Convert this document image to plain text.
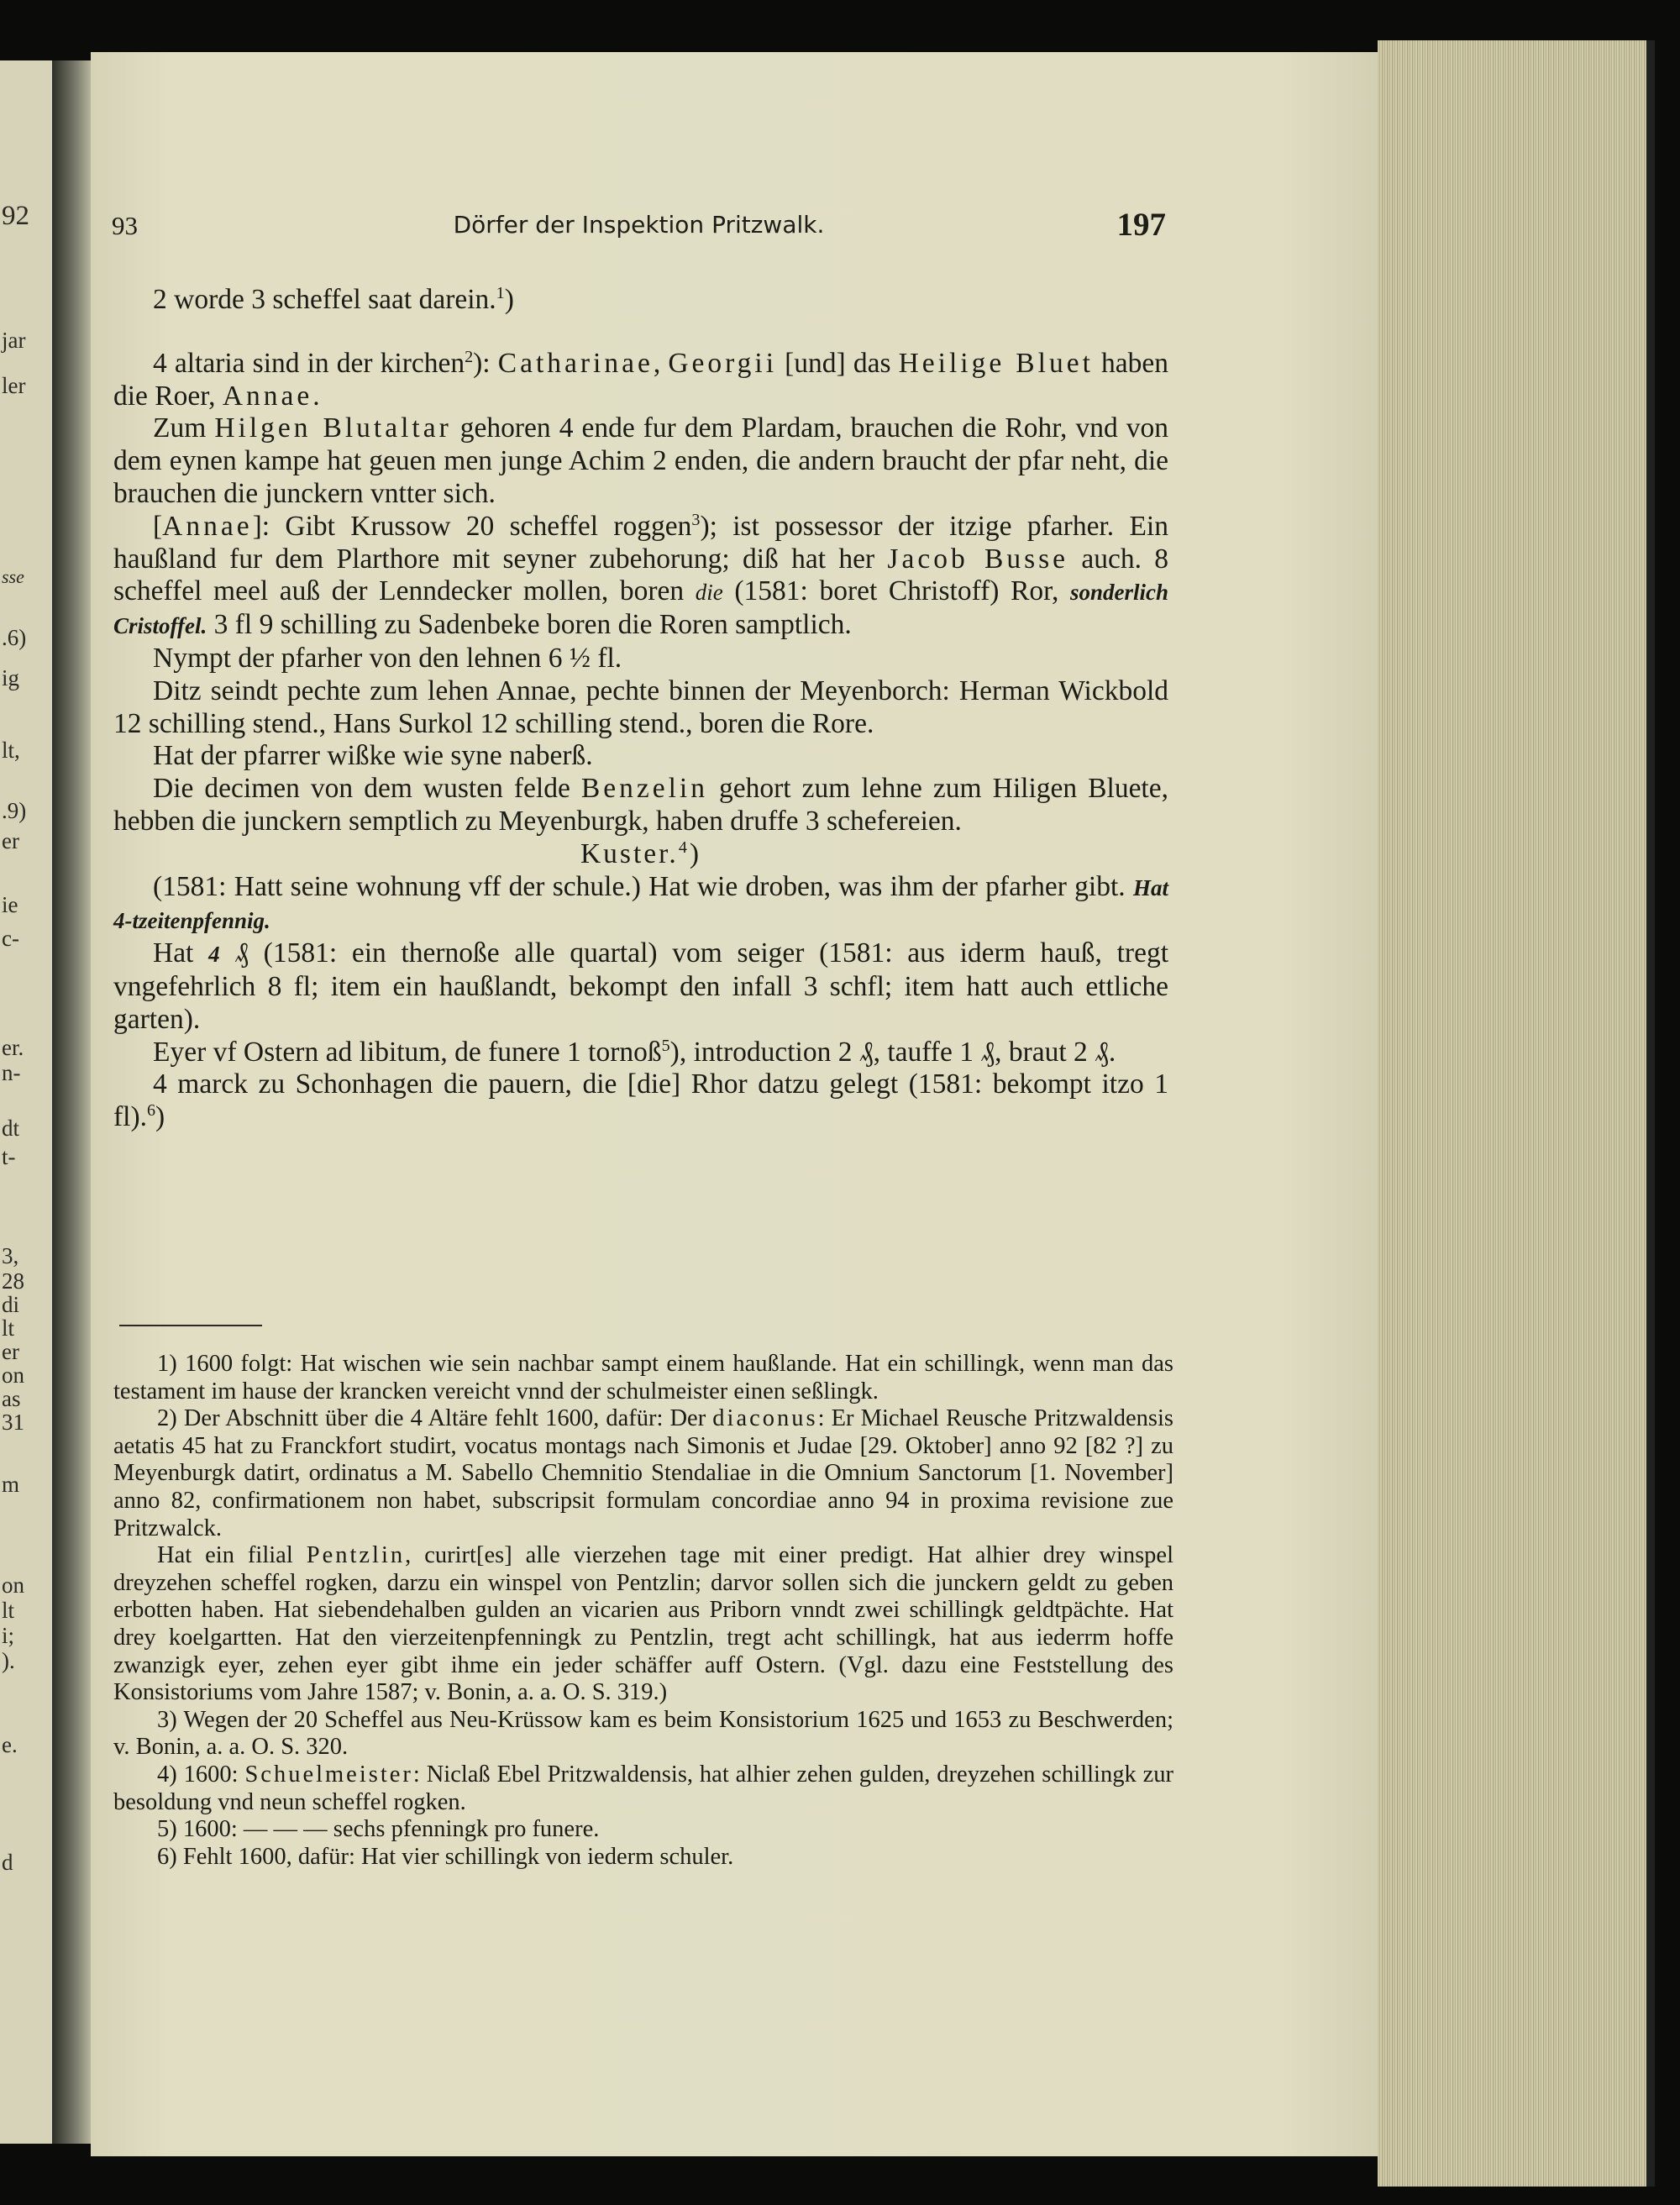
92
jar
ler
sse
.6)
ig
lt,
.9)
er
ie
c-
er.
n-
dt
t-
3,
28
di
lt
er
on
as
31
m
on
lt
i;
).
e.
d
93	Dörfer der Inspektion Pritzwalk.	197

2 worde 3 scheffel saat darein.$^1$)

4 altaria sind in der kirchen$^2$): Catharinae, Georgii [und] das Heilige Bluet haben die Roer, Annae.

Zum Hilgen Blutaltar gehoren 4 ende fur dem Plardam, brauchen die Rohr, vnd von dem eynen kampe hat geuen men junge Achim 2 enden, die andern braucht der pfar neht, die brauchen die junckern vntter sich.

[Annae]: Gibt Krussow 20 scheffel roggen$^3$); ist possessor der itzige pfarher. Ein haußland fur dem Plarthore mit seyner zubehorung; diß hat her Jacob Busse auch. 8 scheffel meel auß der Lenndecker mollen, boren die (1581: boret Christoff) Ror, sonderlich Cristoffel. 3 fl 9 schilling zu Sadenbeke boren die Roren samptlich.

Nympt der pfarher von den lehnen 6 ½ fl.

Ditz seindt pechte zum lehen Annae, pechte binnen der Meyenborch: Herman Wickbold 12 schilling stend., Hans Surkol 12 schilling stend., boren die Rore.

Hat der pfarrer wißke wie syne naberß.

Die decimen von dem wusten felde Benzelin gehort zum lehne zum Hiligen Bluete, hebben die junckern semptlich zu Meyenburgk, haben druffe 3 schefereien.

Kuster.$^4$)

(1581: Hatt seine wohnung vff der schule.) Hat wie droben, was ihm der pfarher gibt. Hat 4-tzeitenpfennig.

Hat 4 ₰ (1581: ein thernoße alle quartal) vom seiger (1581: aus iderm hauß, tregt vngefehrlich 8 fl; item ein haußlandt, bekompt den infall 3 schfl; item hatt auch ettliche garten).

Eyer vf Ostern ad libitum, de funere 1 tornoß$^5$), introduction 2 ₰, tauffe 1 ₰, braut 2 ₰.

4 marck zu Schonhagen die pauern, die [die] Rhor datzu gelegt (1581: bekompt itzo 1 fl).$^6$)

1) 1600 folgt: Hat wischen wie sein nachbar sampt einem haußlande. Hat ein schillingk, wenn man das testament im hause der krancken vereicht vnnd der schulmeister einen seßlingk.

2) Der Abschnitt über die 4 Altäre fehlt 1600, dafür: Der diaconus: Er Michael Reusche Pritzwaldensis aetatis 45 hat zu Franckfort studirt, vocatus montags nach Simonis et Judae [29. Oktober] anno 92 [82 ?] zu Meyenburgk datirt, ordinatus a M. Sabello Chemnitio Stendaliae in die Omnium Sanctorum [1. November] anno 82, confirmationem non habet, subscripsit formulam concordiae anno 94 in proxima revisione zue Pritzwalck.

Hat ein filial Pentzlin, curirt[es] alle vierzehen tage mit einer predigt. Hat alhier drey winspel dreyzehen scheffel rogken, darzu ein winspel von Pentzlin; darvor sollen sich die junckern geldt zu geben erbotten haben. Hat siebendehalben gulden an vicarien aus Priborn vnndt zwei schillingk geldtpächte. Hat drey koelgartten. Hat den vierzeitenpfenningk zu Pentzlin, tregt acht schillingk, hat aus iederrm hoffe zwanzigk eyer, zehen eyer gibt ihme ein jeder schäffer auff Ostern. (Vgl. dazu eine Feststellung des Konsistoriums vom Jahre 1587; v. Bonin, a. a. O. S. 319.)

3) Wegen der 20 Scheffel aus Neu-Krüssow kam es beim Konsistorium 1625 und 1653 zu Beschwerden; v. Bonin, a. a. O. S. 320.

4) 1600: Schuelmeister: Niclaß Ebel Pritzwaldensis, hat alhier zehen gulden, dreyzehen schillingk zur besoldung vnd neun scheffel rogken.

5) 1600: — — — sechs pfenningk pro funere.

6) Fehlt 1600, dafür: Hat vier schillingk von iederm schuler.
